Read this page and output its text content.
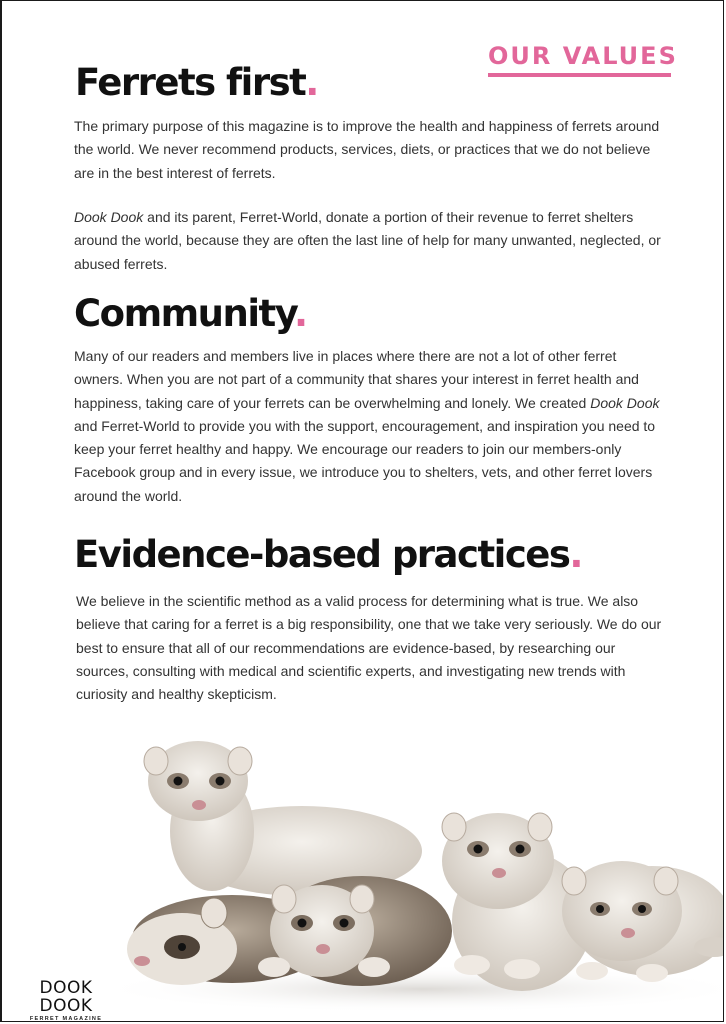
OUR VALUES
Ferrets first.

The primary purpose of this magazine is to improve the health and happiness of ferrets around the world. We never recommend products, services, diets, or practices that we do not believe are in the best interest of ferrets.

Dook Dook and its parent, Ferret-World, donate a portion of their revenue to ferret shelters around the world, because they are often the last line of help for many unwanted, neglected, or abused ferrets.

Community.

Many of our readers and members live in places where there are not a lot of other ferret owners. When you are not part of a community that shares your interest in ferret health and happiness, taking care of your ferrets can be overwhelming and lonely. We created Dook Dook and Ferret-World to provide you with the support, encouragement, and inspiration you need to keep your ferret healthy and happy. We encourage our readers to join our members-only Facebook group and in every issue, we introduce you to shelters, vets, and other ferret lovers around the world.

Evidence-based practices.

We believe in the scientific method as a valid process for determining what is true. We also believe that caring for a ferret is a big responsibility, one that we take very seriously. We do our best to ensure that all of our recommendations are evidence-based, by researching our sources, consulting with medical and scientific experts, and investigating new trends with curiosity and healthy skepticism.

DOOK DOOK
FERRET MAGAZINE
